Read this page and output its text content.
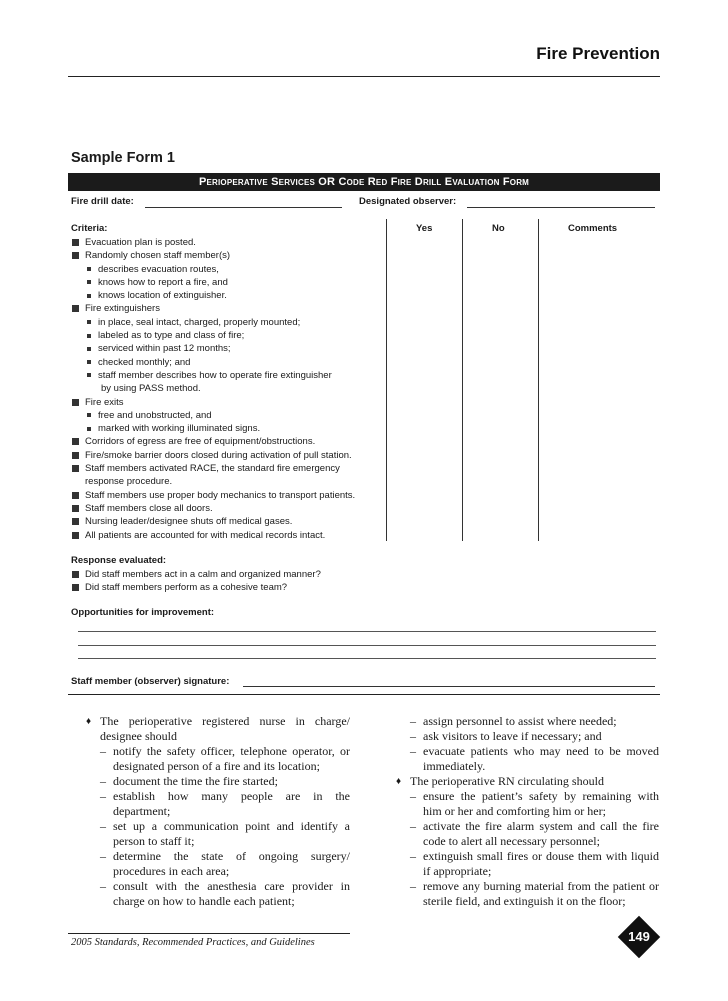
Fire Prevention
Sample Form 1
Perioperative Services OR Code Red Fire Drill Evaluation Form
Fire drill date:	Designated observer:
Criteria:	Yes	No	Comments
Evacuation plan is posted.
Randomly chosen staff member(s)
describes evacuation routes,
knows how to report a fire, and
knows location of extinguisher.
Fire extinguishers
in place, seal intact, charged, properly mounted;
labeled as to type and class of fire;
serviced within past 12 months;
checked monthly; and
staff member describes how to operate fire extinguisher
by using PASS method.
Fire exits
free and unobstructed, and
marked with working illuminated signs.
Corridors of egress are free of equipment/obstructions.
Fire/smoke barrier doors closed during activation of pull station.
Staff members activated RACE, the standard fire emergency
response procedure.
Staff members use proper body mechanics to transport patients.
Staff members close all doors.
Nursing leader/designee shuts off medical gases.
All patients are accounted for with medical records intact.
Response evaluated:
Did staff members act in a calm and organized manner?
Did staff members perform as a cohesive team?
Opportunities for improvement:
Staff member (observer) signature:
♦ The perioperative registered nurse in charge/ designee should
– notify the safety officer, telephone operator, or designated person of a fire and its location;
– document the time the fire started;
– establish how many people are in the department;
– set up a communication point and identify a person to staff it;
– determine the state of ongoing surgery/ procedures in each area;
– consult with the anesthesia care provider in charge on how to handle each patient;
– assign personnel to assist where needed;
– ask visitors to leave if necessary; and
– evacuate patients who may need to be moved immediately.
♦ The perioperative RN circulating should
– ensure the patient’s safety by remaining with him or her and comforting him or her;
– activate the fire alarm system and call the fire code to alert all necessary personnel;
– extinguish small fires or douse them with liquid if appropriate;
– remove any burning material from the patient or sterile field, and extinguish it on the floor;
2005 Standards, Recommended Practices, and Guidelines	149
